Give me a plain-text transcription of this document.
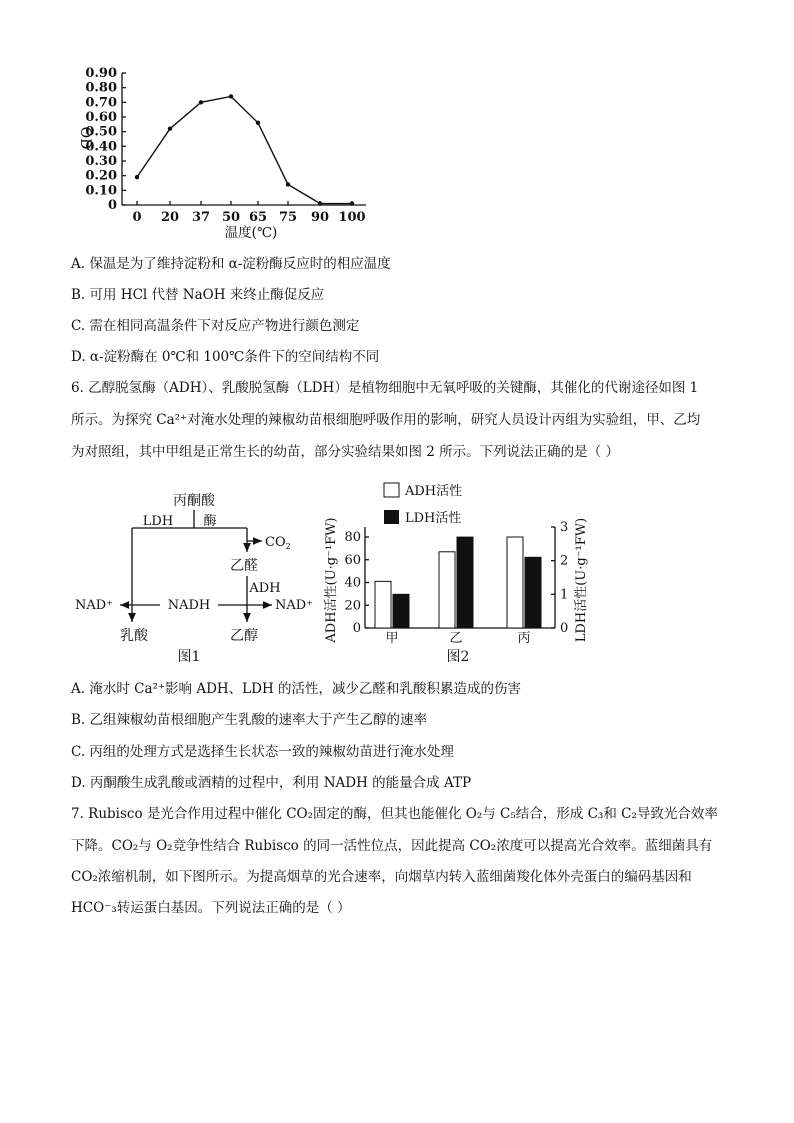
0
0.10
0.20
0.30
0.40
0.50
0.60
0.70
0.80
0.90
0 20 37 50 65 75 90 100
OD
温度(℃)
A. 保温是为了维持淀粉和 α-淀粉酶反应时的相应温度
B. 可用 HCl 代替 NaOH 来终止酶促反应
C. 需在相同高温条件下对反应产物进行颜色测定
D. α-淀粉酶在 0℃和 100℃条件下的空间结构不同
6. 乙醇脱氢酶（ADH）、乳酸脱氢酶（LDH）是植物细胞中无氧呼吸的关键酶，其催化的代谢途径如图 1
所示。为探究 Ca²⁺对淹水处理的辣椒幼苗根细胞呼吸作用的影响，研究人员设计丙组为实验组，甲、乙均
为对照组，其中甲组是正常生长的幼苗，部分实验结果如图 2 所示。下列说法正确的是（ ）
丙酮酸
LDH 酶
$CO_2$
乙醛
ADH
NADH
NAD⁺	NAD⁺
乳酸	乙醇
图1
0
20
40
60
80
0
1
2
3
甲	乙	丙
ADH活性(U·g⁻¹FW)	LDH活性(U·g⁻¹FW)
ADH活性
LDH活性
图2
A. 淹水时 Ca²⁺影响 ADH、LDH 的活性，减少乙醛和乳酸积累造成的伤害
B. 乙组辣椒幼苗根细胞产生乳酸的速率大于产生乙醇的速率
C. 丙组的处理方式是选择生长状态一致的辣椒幼苗进行淹水处理
D. 丙酮酸生成乳酸或酒精的过程中，利用 NADH 的能量合成 ATP
7. Rubisco 是光合作用过程中催化 CO₂固定的酶，但其也能催化 O₂与 C₅结合，形成 C₃和 C₂导致光合效率
下降。CO₂与 O₂竞争性结合 Rubisco 的同一活性位点，因此提高 CO₂浓度可以提高光合效率。蓝细菌具有
CO₂浓缩机制，如下图所示。为提高烟草的光合速率，向烟草内转入蓝细菌羧化体外壳蛋白的编码基因和
HCO⁻₃转运蛋白基因。下列说法正确的是（ ）
